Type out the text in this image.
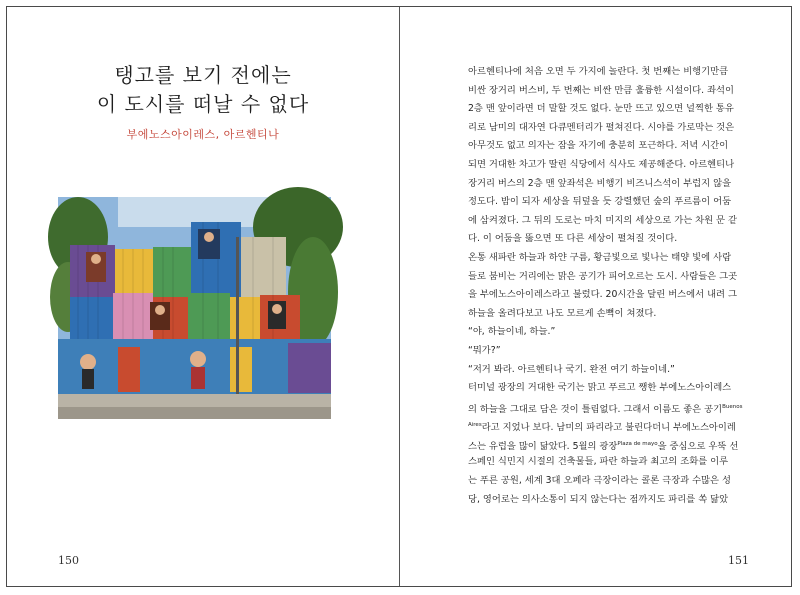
탱고를 보기 전에는
이 도시를 떠날 수 없다
부에노스아이레스, 아르헨티나
150
아르헨티나에 처음 오면 두 가지에 놀란다. 첫 번째는 비행기만큼
비싼 장거리 버스비, 두 번째는 비싼 만큼 훌륭한 시설이다. 좌석이
2층 맨 앞이라면 더 말할 것도 없다. 눈만 뜨고 있으면 널찍한 통유
리로 남미의 대자연 다큐멘터리가 펼쳐진다. 시야를 가로막는 것은
아무것도 없고 의자는 잠을 자기에 충분히 포근하다. 저녁 시간이
되면 거대한 차고가 딸린 식당에서 식사도 제공해준다. 아르헨티나
장거리 버스의 2층 맨 앞좌석은 비행기 비즈니스석이 부럽지 않을
정도다. 밤이 되자 세상을 뒤덮을 듯 강렬했던 숲의 푸르름이 어둠
에 삼켜졌다. 그 뒤의 도로는 마치 미지의 세상으로 가는 차원 문 같
다. 이 어둠을 뚫으면 또 다른 세상이 펼쳐질 것이다.
온통 새파란 하늘과 하얀 구름, 황금빛으로 빛나는 태양 빛에 사람
들로 붐비는 거리에는 맑은 공기가 피어오르는 도시. 사람들은 그곳
을 부에노스아이레스라고 불렀다. 20시간을 달린 버스에서 내려 그
하늘을 올려다보고 나도 모르게 손뼉이 쳐졌다.
“야, 하늘이네, 하늘.”
“뭐가?”
“저거 봐라. 아르헨티나 국기. 완전 여기 하늘이네.”
터미널 광장의 거대한 국기는 맑고 푸르고 쨍한 부에노스아이레스
의 하늘을 그대로 담은 것이 틀림없다. 그래서 이름도 좋은 공기$^{Buenos}$
$^{Aires}$라고 지었나 보다. 남미의 파리라고 불린다더니 부에노스아이레
스는 유럽을 많이 닮았다. 5월의 광장$^{Plaza de mayo}$을 중심으로 우뚝 선
스페인 식민지 시절의 건축물들, 파란 하늘과 최고의 조화를 이루
는 푸른 공원, 세계 3대 오페라 극장이라는 콜론 극장과 수많은 성
당, 영어로는 의사소통이 되지 않는다는 점까지도 파리를 쏙 닮았
151
